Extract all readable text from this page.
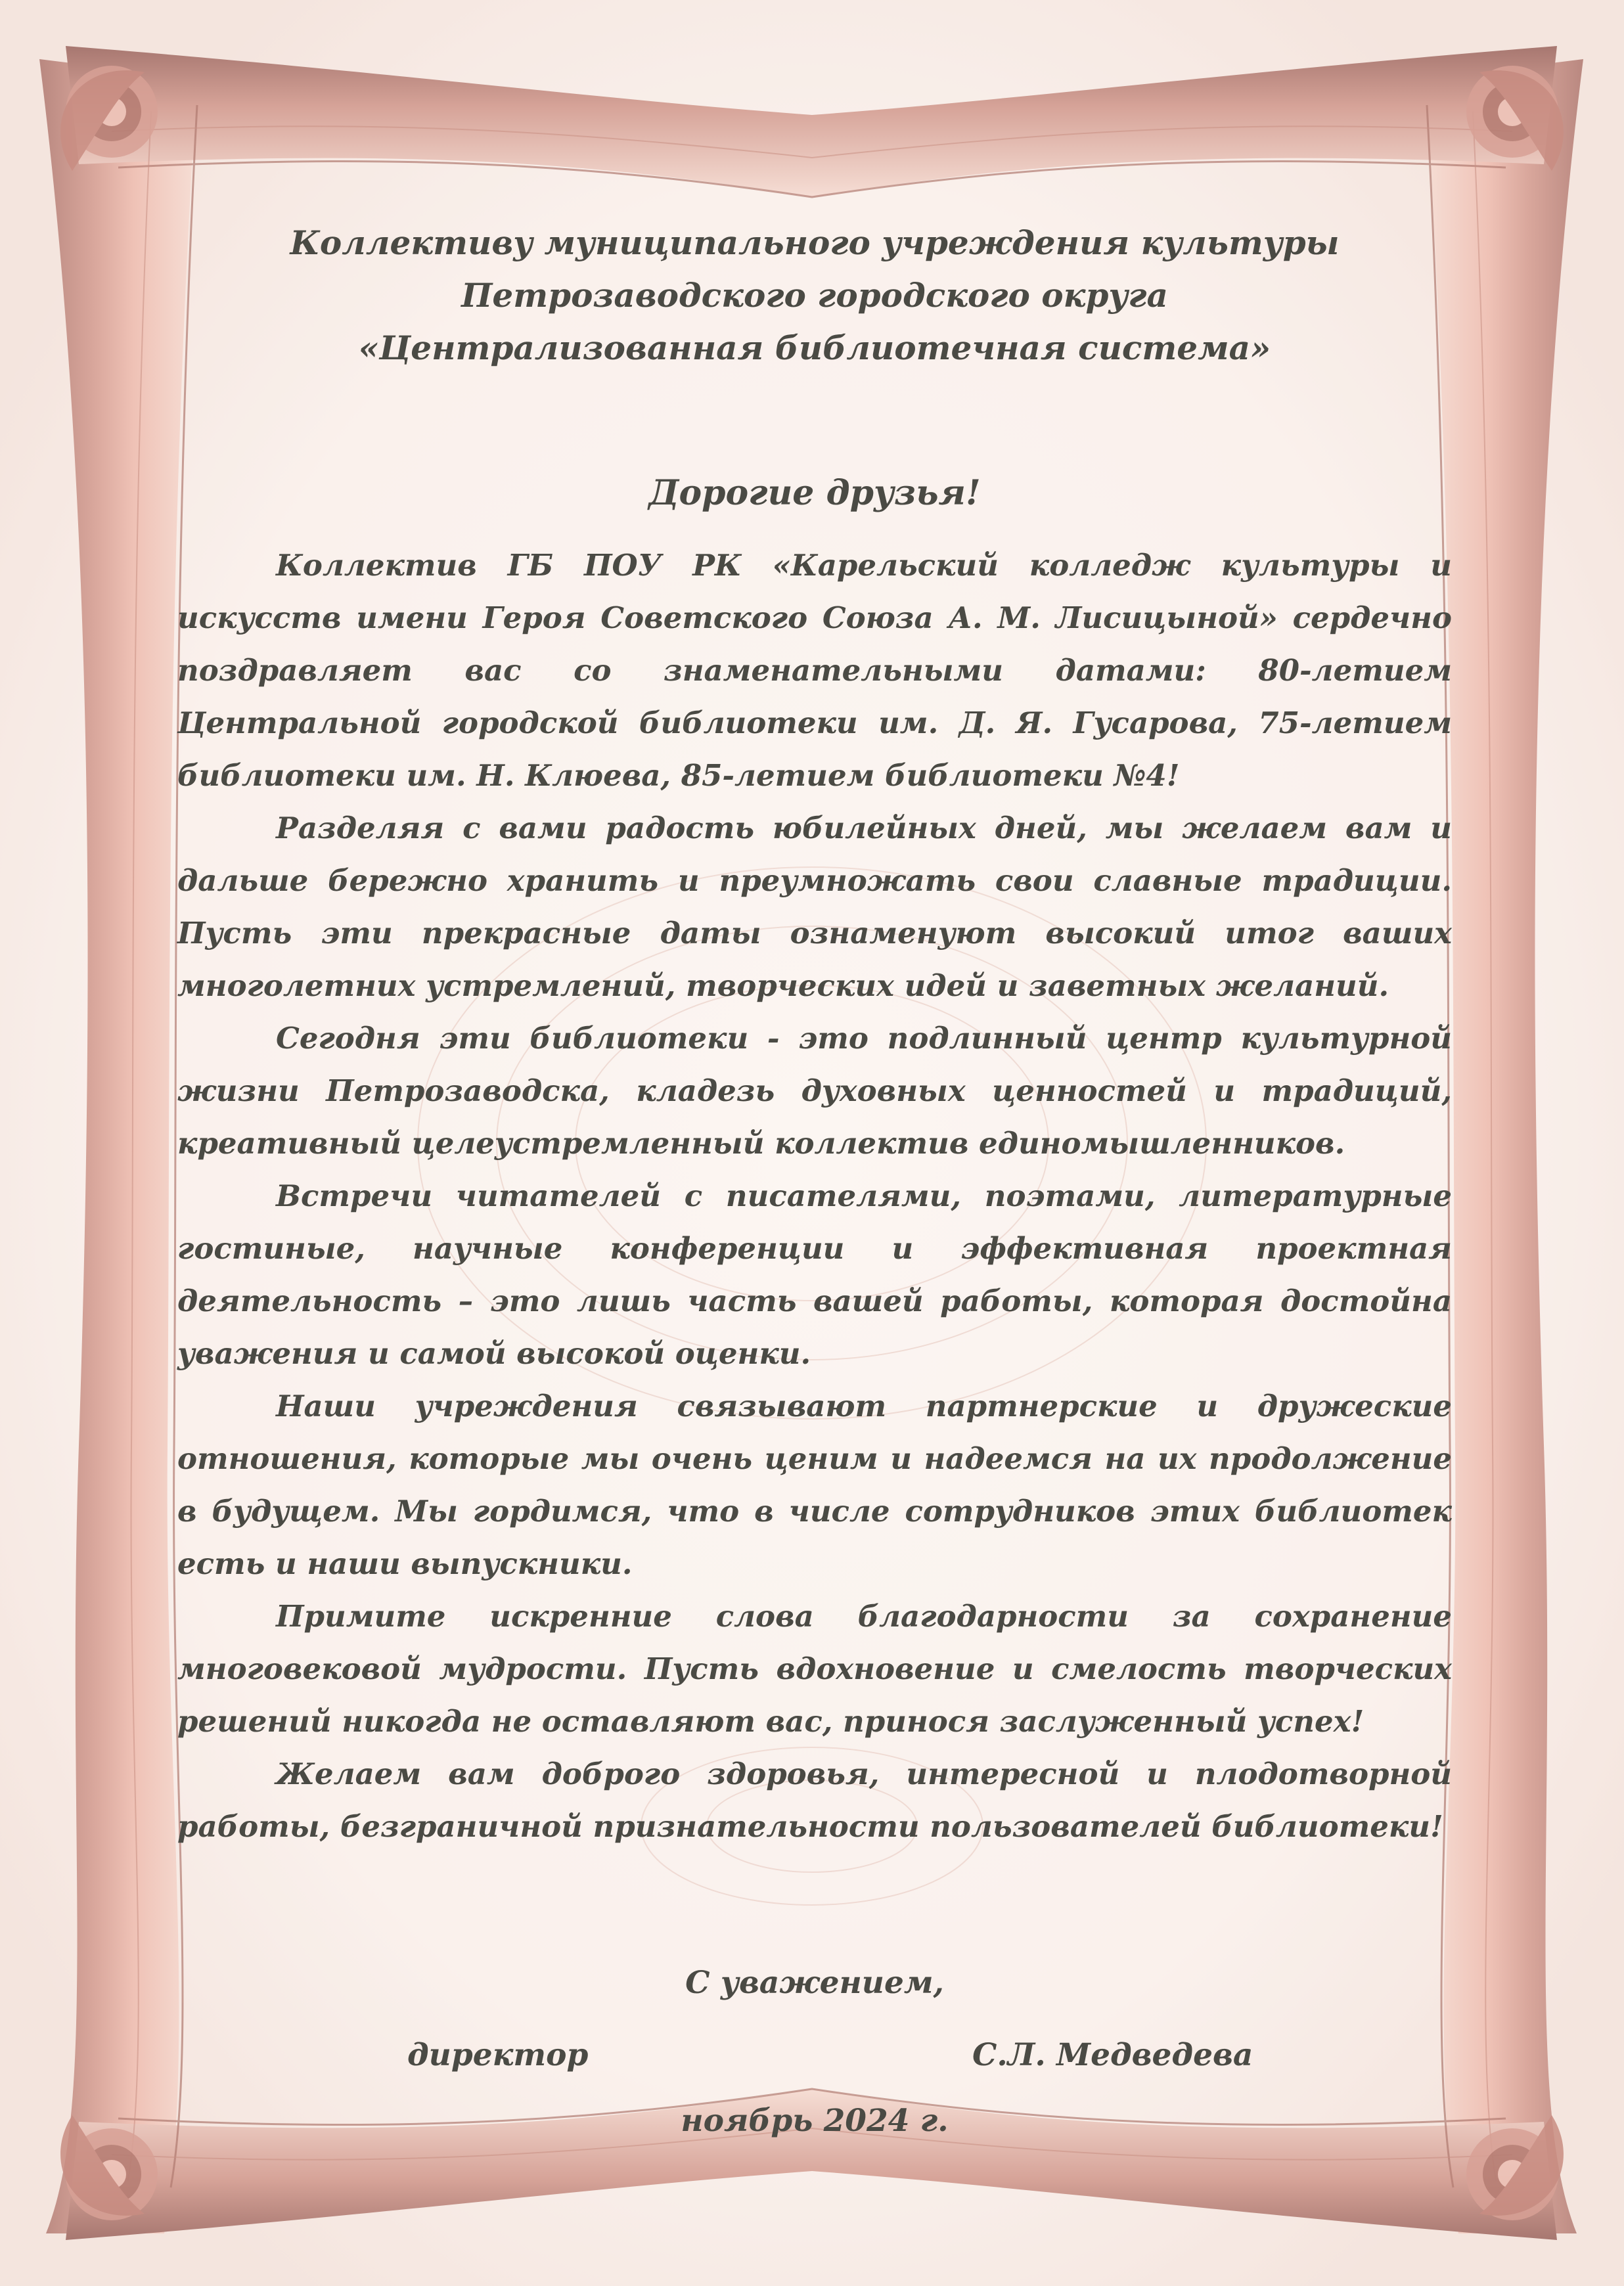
Коллективу муниципального учреждения культуры
Петрозаводского городского округа
«Централизованная библиотечная система»
Дорогие друзья!

Коллектив ГБ ПОУ РК «Карельский колледж культуры и искусств имени Героя Советского Союза А. М. Лисицыной» сердечно поздравляет вас со знаменательными датами: 80-летием Центральной городской библиотеки им. Д. Я. Гусарова, 75-летием библиотеки им. Н. Клюева, 85-летием библиотеки №4!

Разделяя с вами радость юбилейных дней, мы желаем вам и дальше бережно хранить и преумножать свои славные традиции. Пусть эти прекрасные даты ознаменуют высокий итог ваших многолетних устремлений, творческих идей и заветных желаний.

Сегодня эти библиотеки - это подлинный центр культурной жизни Петрозаводска, кладезь духовных ценностей и традиций, креативный целеустремленный коллектив единомышленников.

Встречи читателей с писателями, поэтами, литературные гостиные, научные конференции и эффективная проектная деятельность – это лишь часть вашей работы, которая достойна уважения и самой высокой оценки.

Наши учреждения связывают партнерские и дружеские отношения, которые мы очень ценим и надеемся на их продолжение в будущем. Мы гордимся, что в числе сотрудников этих библиотек есть и наши выпускники.

Примите искренние слова благодарности за сохранение многовековой мудрости. Пусть вдохновение и смелость творческих решений никогда не оставляют вас, принося заслуженный успех!

Желаем вам доброго здоровья, интересной и плодотворной работы, безграничной признательности пользователей библиотеки!

С уважением,
директор	С.Л. Медведева
ноябрь 2024 г.
